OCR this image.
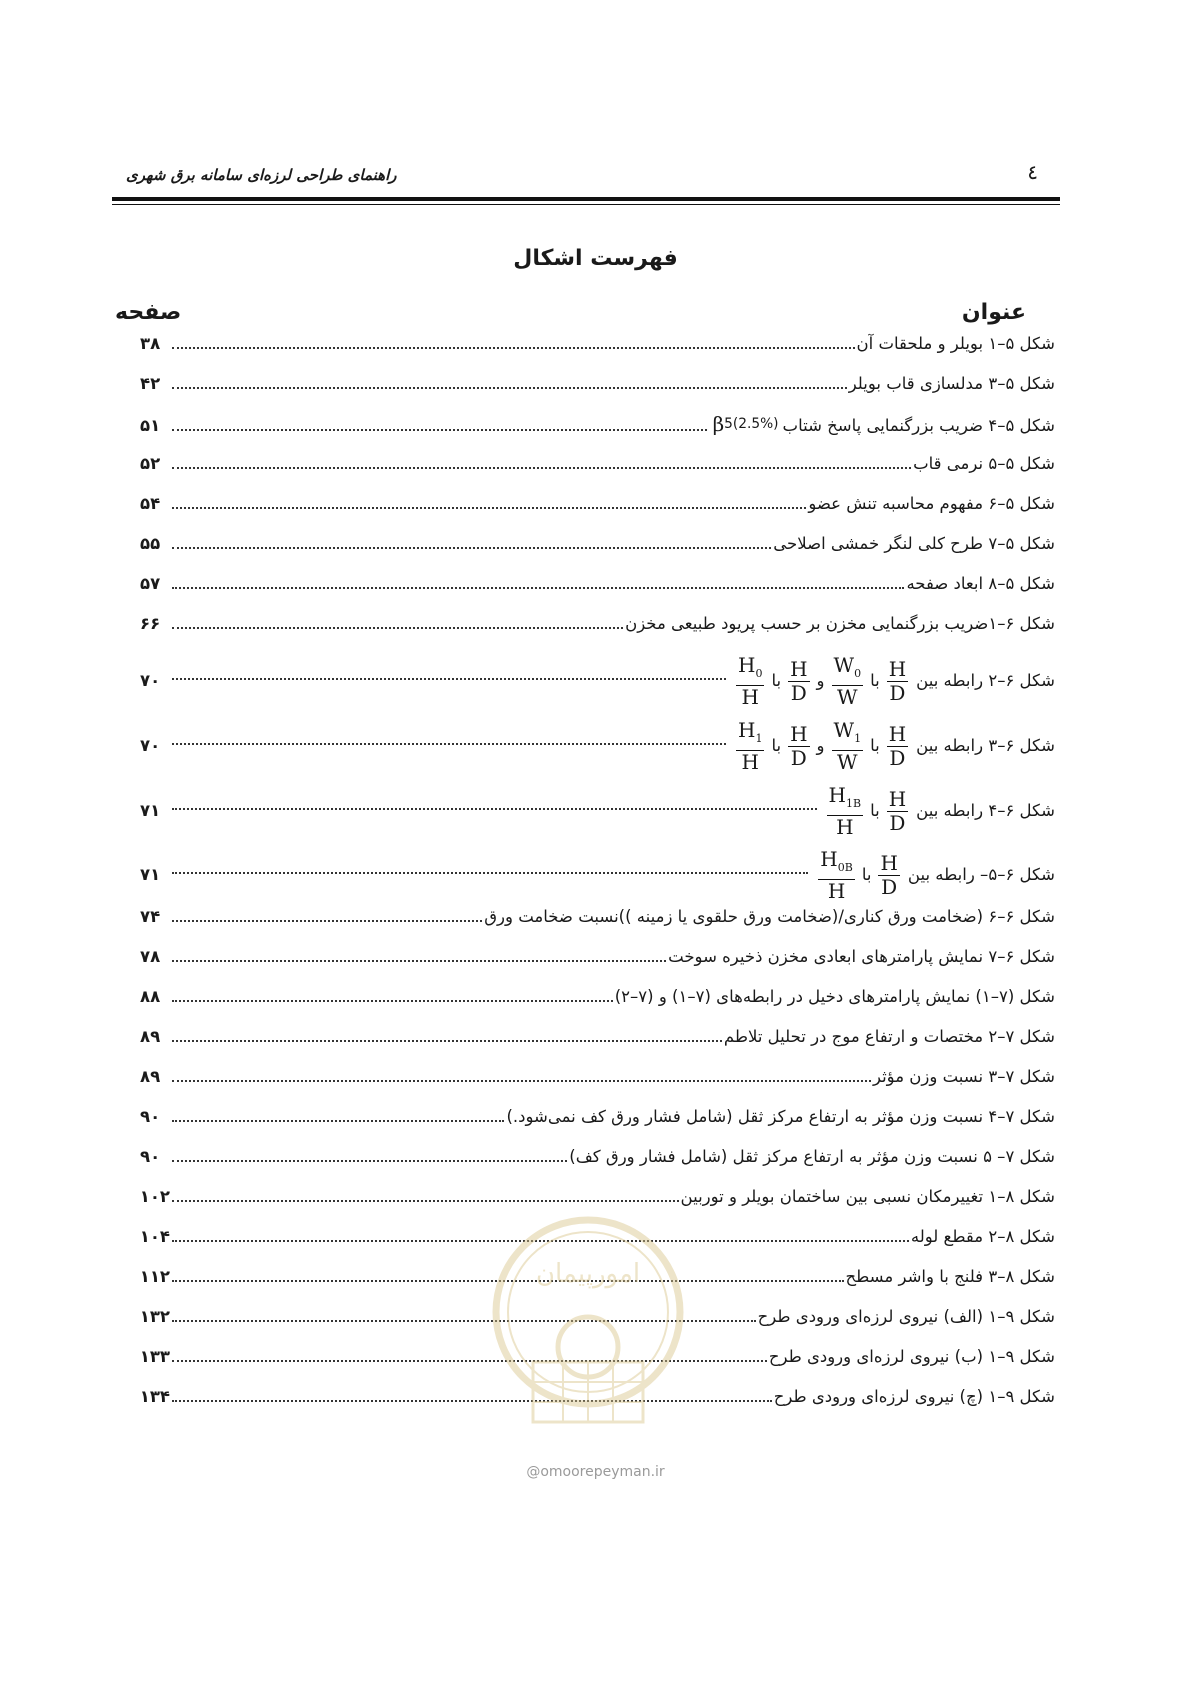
راهنمای طراحی لرزه‌ای سامانه برق شهری	٤
فهرست اشکال
عنوان
صفحه
شکل ۵–۱ بویلر و ملحقات آن
۳۸
شکل ۵–۳ مدلسازی قاب بویلر
۴۲
شکل ۵–۴ ضریب بزرگنمایی پاسخ شتاب
β 5(2.5%)
۵۱
شکل ۵–۵ نرمی قاب
۵۲
شکل ۵–۶ مفهوم محاسبه تنش عضو
۵۴
شکل ۵–۷ طرح کلی لنگر خمشی اصلاحی
۵۵
شکل ۵–۸ ابعاد صفحه
۵۷
شکل ۶–۱ضریب بزرگنمایی مخزن بر حسب پریود طبیعی مخزن
۶۶
شکل ۶–۲ رابطه بین
$\frac{H}{D}$
با
$\frac{W_0}{W}$
و
$\frac{H}{D}$
با
$\frac{H_0}{H}$
۷۰
شکل ۶–۳ رابطه بین
$\frac{H}{D}$
با
$\frac{W_1}{W}$
و
$\frac{H}{D}$
با
$\frac{H_1}{H}$
۷۰
شکل ۶–۴ رابطه بین
$\frac{H}{D}$
با
$\frac{H_{1B}}{H}$
۷۱
شکل ۶–۵– رابطه بین
$\frac{H}{D}$
با
$\frac{H_{0B}}{H}$
۷۱
شکل ۶–۶ (ضخامت ورق کناری/(ضخامت ورق حلقوی یا زمینه ))نسبت ضخامت ورق
۷۴
شکل ۶–۷ نمایش پارامترهای ابعادی مخزن ذخیره سوخت
۷۸
شکل (۷–۱) نمایش پارامترهای دخیل در رابطه‌های (۷–۱) و (۷–۲)
۸۸
شکل ۷–۲ مختصات و ارتفاع موج در تحلیل تلاطم
۸۹
شکل ۷–۳ نسبت وزن مؤثر
۸۹
شکل ۷–۴ نسبت وزن مؤثر به ارتفاع مرکز ثقل (شامل فشار ورق کف نمی‌شود.)
۹۰
شکل ۷– ۵ نسبت وزن مؤثر به ارتفاع مرکز ثقل (شامل فشار ورق کف)
۹۰
شکل ۸–۱ تغییرمکان نسبی بین ساختمان بویلر و توربین
۱۰۲
شکل ۸–۲ مقطع لوله
۱۰۴
شکل ۸–۳ فلنج با واشر مسطح
۱۱۲
شکل ۹–۱ (الف) نیروی لرزه‌ای ورودی طرح
۱۳۲
شکل ۹–۱ (ب) نیروی لرزه‌ای ورودی طرح
۱۳۳
شکل ۹–۱ (چ) نیروی لرزه‌ای ورودی طرح
۱۳۴
امورپیمان
@omoorepeyman.ir
